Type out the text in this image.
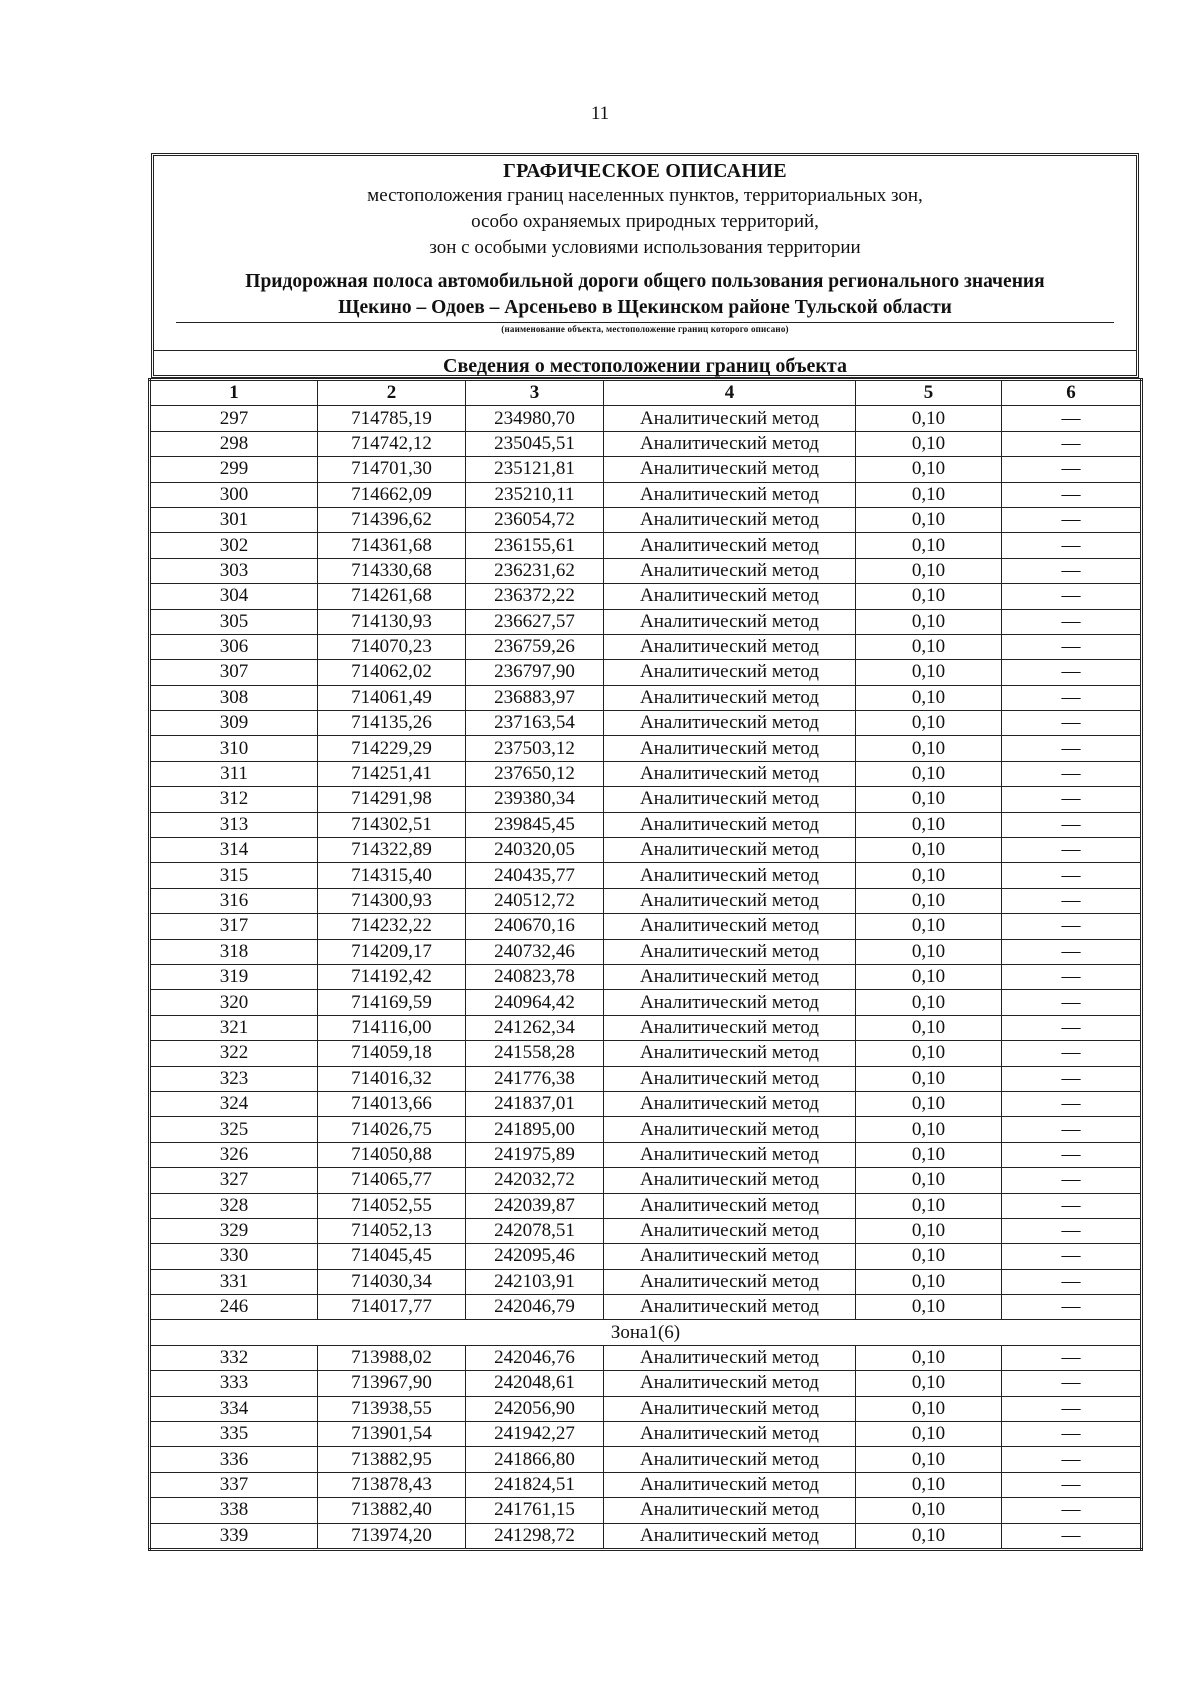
11
ГРАФИЧЕСКОЕ ОПИСАНИЕ
местоположения границ населенных пунктов, территориальных зон,
особо охраняемых природных территорий,
зон с особыми условиями использования территории
Придорожная полоса автомобильной дороги общего пользования регионального значения
Щекино – Одоев – Арсеньево в Щекинском районе Тульской области
(наименование объекта, местоположение границ которого описано)
Сведения о местоположении границ объекта
1	2	3	4	5	6
297	714785,19	234980,70	Аналитический метод	0,10	—
298	714742,12	235045,51	Аналитический метод	0,10	—
299	714701,30	235121,81	Аналитический метод	0,10	—
300	714662,09	235210,11	Аналитический метод	0,10	—
301	714396,62	236054,72	Аналитический метод	0,10	—
302	714361,68	236155,61	Аналитический метод	0,10	—
303	714330,68	236231,62	Аналитический метод	0,10	—
304	714261,68	236372,22	Аналитический метод	0,10	—
305	714130,93	236627,57	Аналитический метод	0,10	—
306	714070,23	236759,26	Аналитический метод	0,10	—
307	714062,02	236797,90	Аналитический метод	0,10	—
308	714061,49	236883,97	Аналитический метод	0,10	—
309	714135,26	237163,54	Аналитический метод	0,10	—
310	714229,29	237503,12	Аналитический метод	0,10	—
311	714251,41	237650,12	Аналитический метод	0,10	—
312	714291,98	239380,34	Аналитический метод	0,10	—
313	714302,51	239845,45	Аналитический метод	0,10	—
314	714322,89	240320,05	Аналитический метод	0,10	—
315	714315,40	240435,77	Аналитический метод	0,10	—
316	714300,93	240512,72	Аналитический метод	0,10	—
317	714232,22	240670,16	Аналитический метод	0,10	—
318	714209,17	240732,46	Аналитический метод	0,10	—
319	714192,42	240823,78	Аналитический метод	0,10	—
320	714169,59	240964,42	Аналитический метод	0,10	—
321	714116,00	241262,34	Аналитический метод	0,10	—
322	714059,18	241558,28	Аналитический метод	0,10	—
323	714016,32	241776,38	Аналитический метод	0,10	—
324	714013,66	241837,01	Аналитический метод	0,10	—
325	714026,75	241895,00	Аналитический метод	0,10	—
326	714050,88	241975,89	Аналитический метод	0,10	—
327	714065,77	242032,72	Аналитический метод	0,10	—
328	714052,55	242039,87	Аналитический метод	0,10	—
329	714052,13	242078,51	Аналитический метод	0,10	—
330	714045,45	242095,46	Аналитический метод	0,10	—
331	714030,34	242103,91	Аналитический метод	0,10	—
246	714017,77	242046,79	Аналитический метод	0,10	—
Зона1(6)					
332	713988,02	242046,76	Аналитический метод	0,10	—
333	713967,90	242048,61	Аналитический метод	0,10	—
334	713938,55	242056,90	Аналитический метод	0,10	—
335	713901,54	241942,27	Аналитический метод	0,10	—
336	713882,95	241866,80	Аналитический метод	0,10	—
337	713878,43	241824,51	Аналитический метод	0,10	—
338	713882,40	241761,15	Аналитический метод	0,10	—
339	713974,20	241298,72	Аналитический метод	0,10	—
